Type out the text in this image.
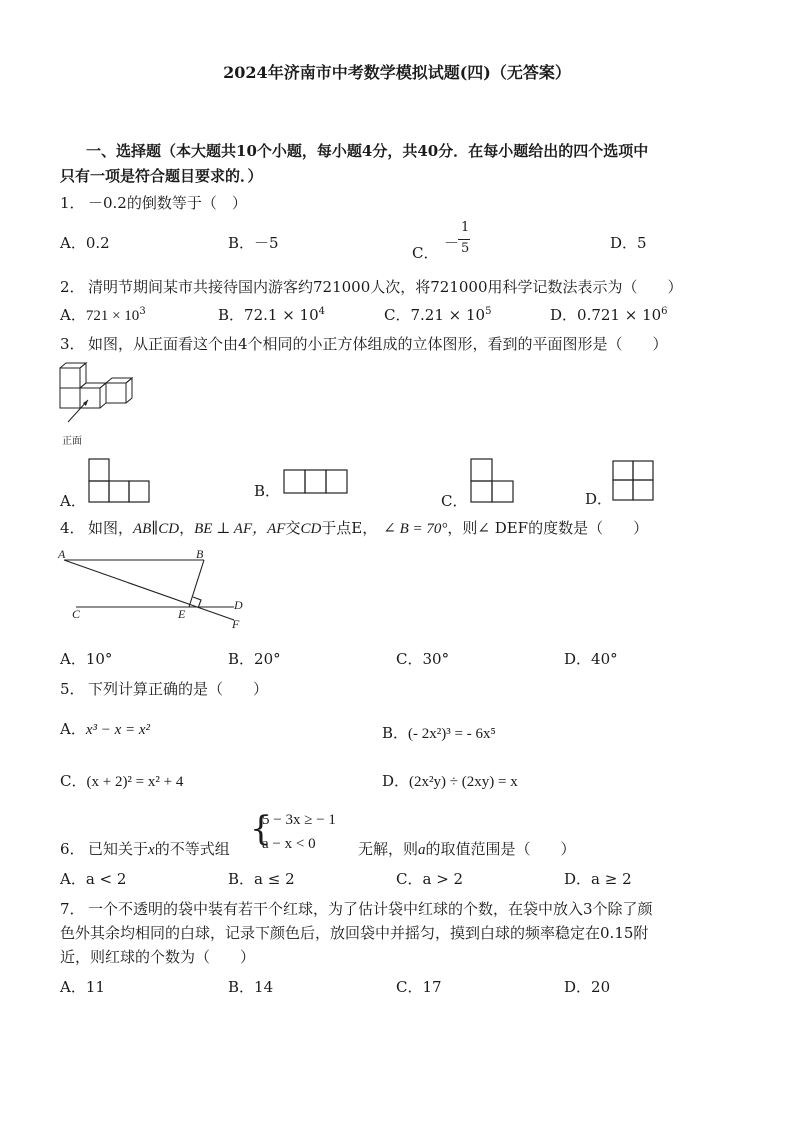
2024年济南市中考数学模拟试题(四)（无答案）
一、选择题（本大题共10个小题，每小题4分，共40分．在每小题给出的四个选项中
只有一项是符合题目要求的．）
1． －0.2的倒数等于（　）
A．0.2	B．－5
C．
－
1
5	D．5
2． 清明节期间某市共接待国内游客约721000人次，将721000用科学记数法表示为（　　）
A．$721 \times 10^3$	B．$72.1 \times 10^4$	C．$7.21 \times 10^5$	D．$0.721 \times 10^6$
3． 如图，从正面看这个由4个相同的小正方体组成的立体图形，看到的平面图形是（　　）
正面
A．
B．
C．	D．
4． 如图，AB∥CD，BE ⊥ AF，AF交CD于点E， ∠ B = 70°，则∠ DEF的度数是（　　）
A	B
C
D
E
F
A．10°	B．20°	C．30°	D．40°
5． 下列计算正确的是（　　）
A．x³ − x = x²	B．(- 2x²)³ = - 6x⁵
C．(x + 2)² = x² + 4	D．(2x²y) ÷ (2xy) = x
6． 已知关于x的不等式组 {
5 − 3x ≥ − 1
a − x < 0	无解，则a的取值范围是（　　）
A．a < 2	B．a ≤ 2	C．a > 2	D．a ≥ 2
7． 一个不透明的袋中装有若干个红球，为了估计袋中红球的个数，在袋中放入3个除了颜
色外其余均相同的白球，记录下颜色后，放回袋中并摇匀，摸到白球的频率稳定在0.15附
近，则红球的个数为（　　）
A．11	B．14	C．17	D．20
